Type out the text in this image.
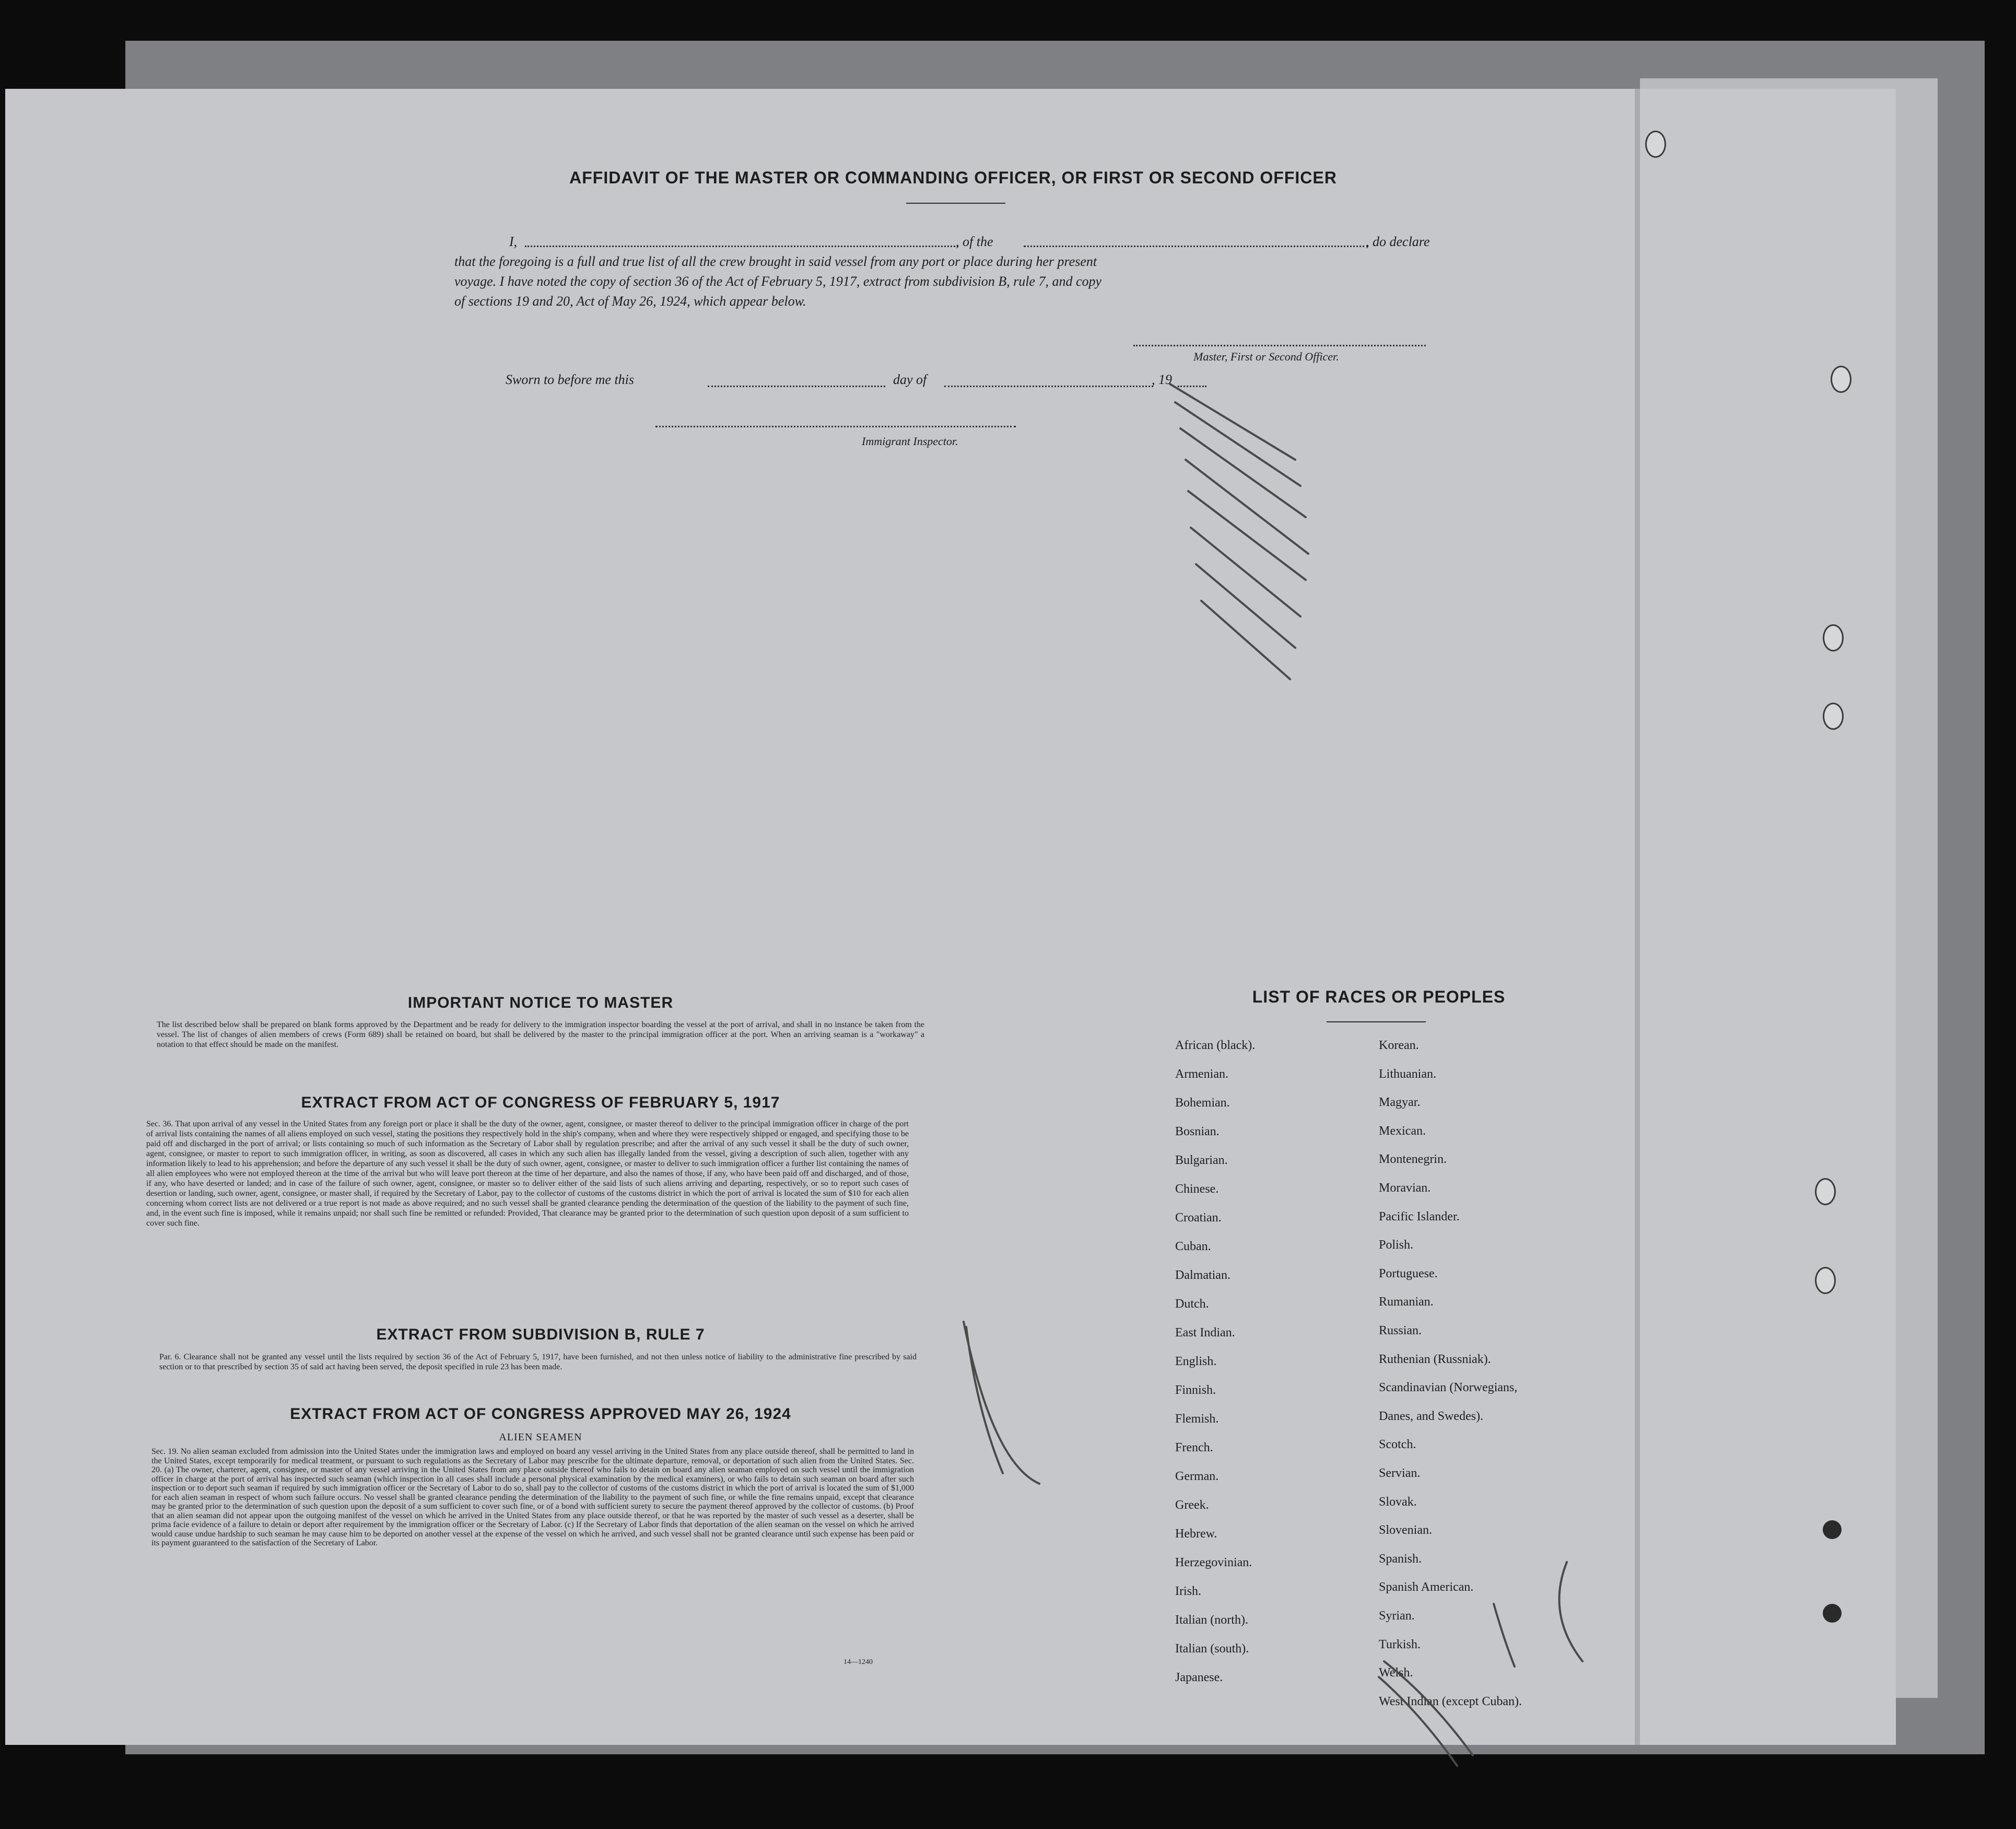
AFFIDAVIT OF THE MASTER OR COMMANDING OFFICER, OR FIRST OR SECOND OFFICER
I,	, of the	, do declare
that the foregoing is a full and true list of all the crew brought in said vessel from any port or place during her present
voyage. I have noted the copy of section 36 of the Act of February 5, 1917, extract from subdivision B, rule 7, and copy
of sections 19 and 20, Act of May 26, 1924, which appear below.
Master, First or Second Officer.
Sworn to before me this	day of	, 19
Immigrant Inspector.
IMPORTANT NOTICE TO MASTER
The list described below shall be prepared on blank forms approved by the Department and be ready for delivery to the immigration inspector boarding the vessel at the port of arrival, and shall in no instance be taken from the vessel. The list of changes of alien members of crews (Form 689) shall be retained on board, but shall be delivered by the master to the principal immigration officer at the port. When an arriving seaman is a "workaway" a notation to that effect should be made on the manifest.
EXTRACT FROM ACT OF CONGRESS OF FEBRUARY 5, 1917
Sec. 36. That upon arrival of any vessel in the United States from any foreign port or place it shall be the duty of the owner, agent, consignee, or master thereof to deliver to the principal immigration officer in charge of the port of arrival lists containing the names of all aliens employed on such vessel, stating the positions they respectively hold in the ship's company, when and where they were respectively shipped or engaged, and specifying those to be paid off and discharged in the port of arrival; or lists containing so much of such information as the Secretary of Labor shall by regulation prescribe; and after the arrival of any such vessel it shall be the duty of such owner, agent, consignee, or master to report to such immigration officer, in writing, as soon as discovered, all cases in which any such alien has illegally landed from the vessel, giving a description of such alien, together with any information likely to lead to his apprehension; and before the departure of any such vessel it shall be the duty of such owner, agent, consignee, or master to deliver to such immigration officer a further list containing the names of all alien employees who were not employed thereon at the time of the arrival but who will leave port thereon at the time of her departure, and also the names of those, if any, who have been paid off and discharged, and of those, if any, who have deserted or landed; and in case of the failure of such owner, agent, consignee, or master so to deliver either of the said lists of such aliens arriving and departing, respectively, or so to report such cases of desertion or landing, such owner, agent, consignee, or master shall, if required by the Secretary of Labor, pay to the collector of customs of the customs district in which the port of arrival is located the sum of $10 for each alien concerning whom correct lists are not delivered or a true report is not made as above required; and no such vessel shall be granted clearance pending the determination of the question of the liability to the payment of such fine, and, in the event such fine is imposed, while it remains unpaid; nor shall such fine be remitted or refunded: Provided, That clearance may be granted prior to the determination of such question upon deposit of a sum sufficient to cover such fine.
EXTRACT FROM SUBDIVISION B, RULE 7
Par. 6. Clearance shall not be granted any vessel until the lists required by section 36 of the Act of February 5, 1917, have been furnished, and not then unless notice of liability to the administrative fine prescribed by said section or to that prescribed by section 35 of said act having been served, the deposit specified in rule 23 has been made.
EXTRACT FROM ACT OF CONGRESS APPROVED MAY 26, 1924
ALIEN SEAMEN
Sec. 19. No alien seaman excluded from admission into the United States under the immigration laws and employed on board any vessel arriving in the United States from any place outside thereof, shall be permitted to land in the United States, except temporarily for medical treatment, or pursuant to such regulations as the Secretary of Labor may prescribe for the ultimate departure, removal, or deportation of such alien from the United States. Sec. 20. (a) The owner, charterer, agent, consignee, or master of any vessel arriving in the United States from any place outside thereof who fails to detain on board any alien seaman employed on such vessel until the immigration officer in charge at the port of arrival has inspected such seaman (which inspection in all cases shall include a personal physical examination by the medical examiners), or who fails to detain such seaman on board after such inspection or to deport such seaman if required by such immigration officer or the Secretary of Labor to do so, shall pay to the collector of customs of the customs district in which the port of arrival is located the sum of $1,000 for each alien seaman in respect of whom such failure occurs. No vessel shall be granted clearance pending the determination of the liability to the payment of such fine, or while the fine remains unpaid, except that clearance may be granted prior to the determination of such question upon the deposit of a sum sufficient to cover such fine, or of a bond with sufficient surety to secure the payment thereof approved by the collector of customs. (b) Proof that an alien seaman did not appear upon the outgoing manifest of the vessel on which he arrived in the United States from any place outside thereof, or that he was reported by the master of such vessel as a deserter, shall be prima facie evidence of a failure to detain or deport after requirement by the immigration officer or the Secretary of Labor. (c) If the Secretary of Labor finds that deportation of the alien seaman on the vessel on which he arrived would cause undue hardship to such seaman he may cause him to be deported on another vessel at the expense of the vessel on which he arrived, and such vessel shall not be granted clearance until such expense has been paid or its payment guaranteed to the satisfaction of the Secretary of Labor.
14—1240
LIST OF RACES OR PEOPLES
African (black).
Armenian.
Bohemian.
Bosnian.
Bulgarian.
Chinese.
Croatian.
Cuban.
Dalmatian.
Dutch.
East Indian.
English.
Finnish.
Flemish.
French.
German.
Greek.
Hebrew.
Herzegovinian.
Irish.
Italian (north).
Italian (south).
Japanese.
Korean.
Lithuanian.
Magyar.
Mexican.
Montenegrin.
Moravian.
Pacific Islander.
Polish.
Portuguese.
Rumanian.
Russian.
Ruthenian (Russniak).
Scandinavian (Norwegians,
Danes, and Swedes).
Scotch.
Servian.
Slovak.
Slovenian.
Spanish.
Spanish American.
Syrian.
Turkish.
Welsh.
West Indian (except Cuban).
